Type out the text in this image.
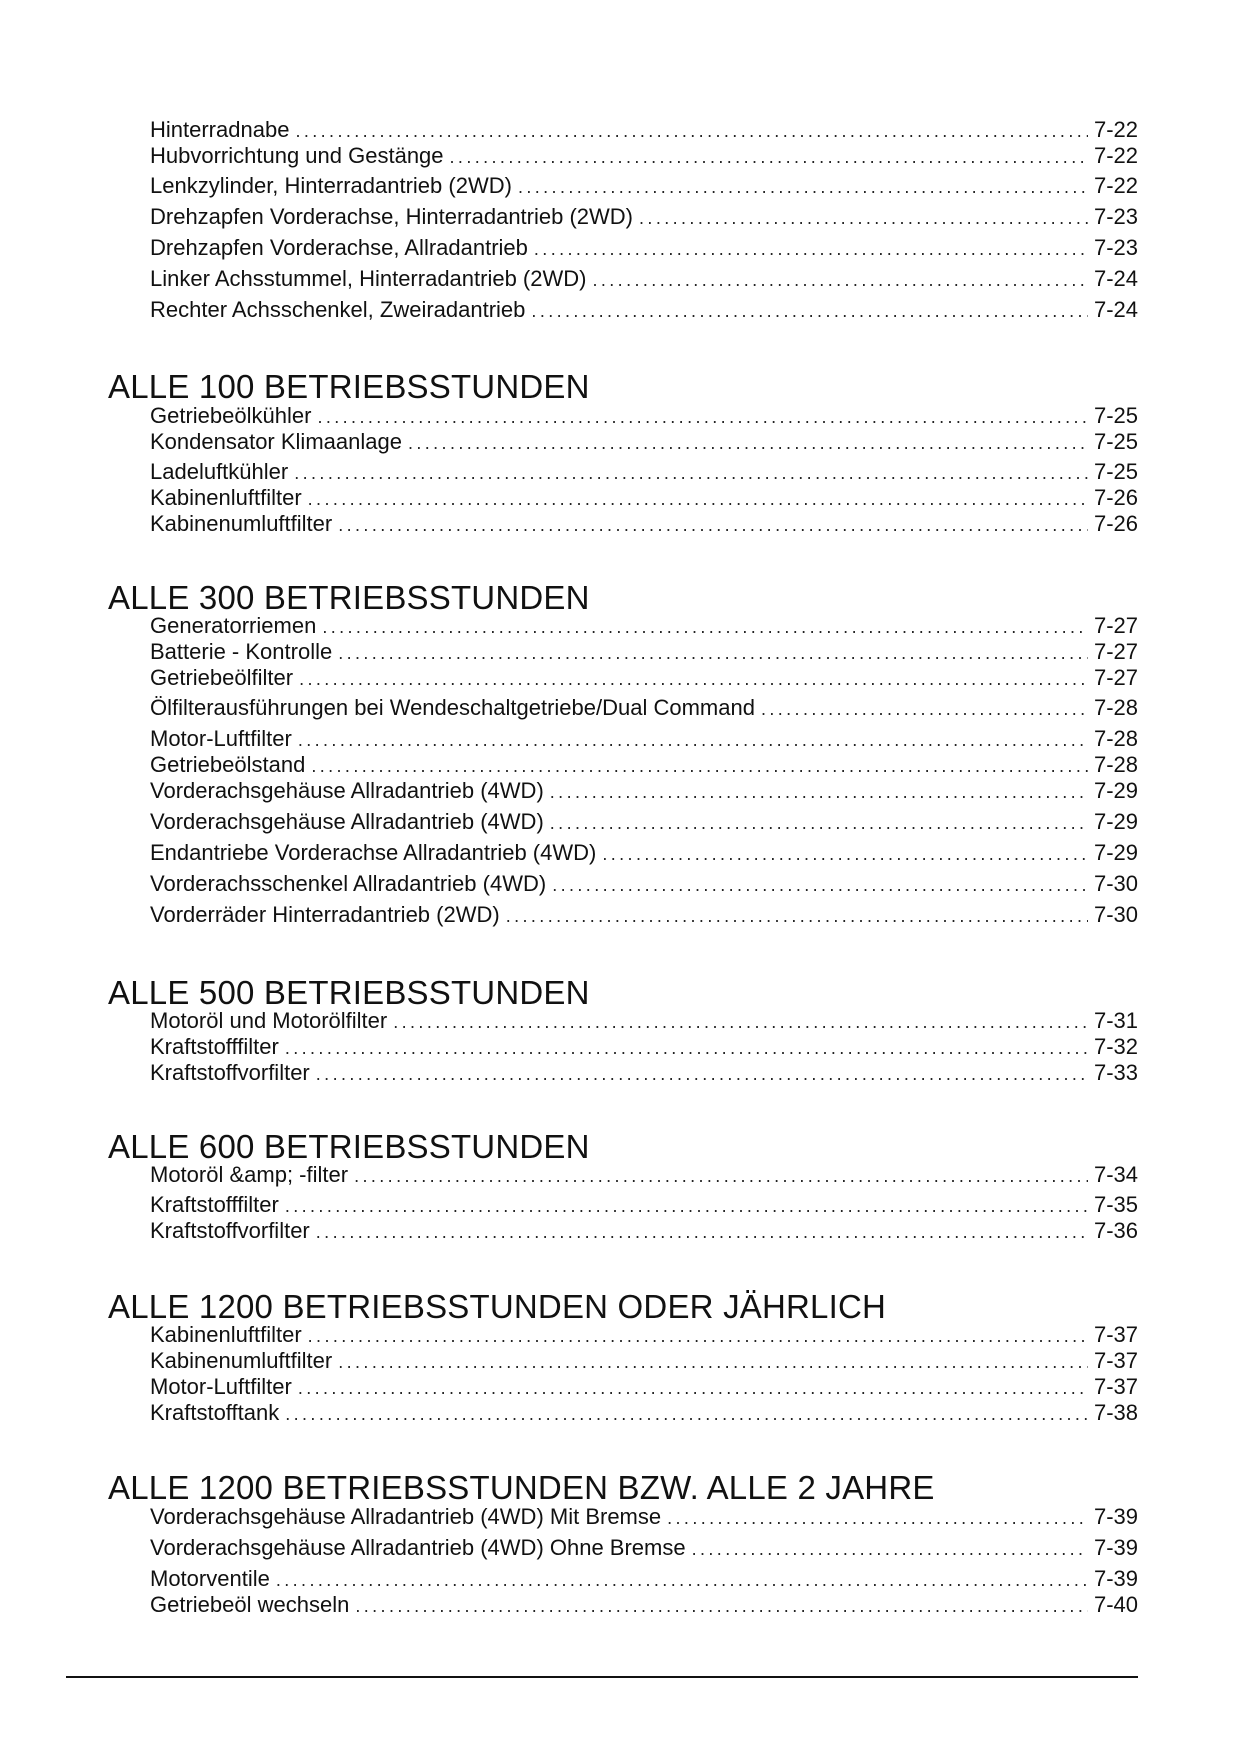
Hinterradnabe .....	7-22
Hubvorrichtung und Gestänge .....	7-22
Lenkzylinder, Hinterradantrieb (2WD) .....	7-22
Drehzapfen Vorderachse, Hinterradantrieb (2WD) .....	7-23
Drehzapfen Vorderachse, Allradantrieb .....	7-23
Linker Achsstummel, Hinterradantrieb (2WD) .....	7-24
Rechter Achsschenkel, Zweiradantrieb .....	7-24
ALLE 100 BETRIEBSSTUNDEN
Getriebeölkühler .....	7-25
Kondensator Klimaanlage .....	7-25
Ladeluftkühler .....	7-25
Kabinenluftfilter .....	7-26
Kabinenumluftfilter .....	7-26
ALLE 300 BETRIEBSSTUNDEN
Generatorriemen .....	7-27
Batterie - Kontrolle .....	7-27
Getriebeölfilter .....	7-27
Ölfilterausführungen bei Wendeschaltgetriebe/Dual Command .....	7-28
Motor-Luftfilter .....	7-28
Getriebeölstand .....	7-28
Vorderachsgehäuse Allradantrieb (4WD) .....	7-29
Vorderachsgehäuse Allradantrieb (4WD) .....	7-29
Endantriebe Vorderachse Allradantrieb (4WD) .....	7-29
Vorderachsschenkel Allradantrieb (4WD) .....	7-30
Vorderräder Hinterradantrieb (2WD) .....	7-30
ALLE 500 BETRIEBSSTUNDEN
Motoröl und Motorölfilter .....	7-31
Kraftstofffilter .....	7-32
Kraftstoffvorfilter .....	7-33
ALLE 600 BETRIEBSSTUNDEN
Motoröl &amp; -filter .....	7-34
Kraftstofffilter .....	7-35
Kraftstoffvorfilter .....	7-36
ALLE 1200 BETRIEBSSTUNDEN ODER JÄHRLICH
Kabinenluftfilter .....	7-37
Kabinenumluftfilter .....	7-37
Motor-Luftfilter .....	7-37
Kraftstofftank .....	7-38
ALLE 1200 BETRIEBSSTUNDEN BZW. ALLE 2 JAHRE
Vorderachsgehäuse Allradantrieb (4WD) Mit Bremse .....	7-39
Vorderachsgehäuse Allradantrieb (4WD) Ohne Bremse .....	7-39
Motorventile .....	7-39
Getriebeöl wechseln .....	7-40
